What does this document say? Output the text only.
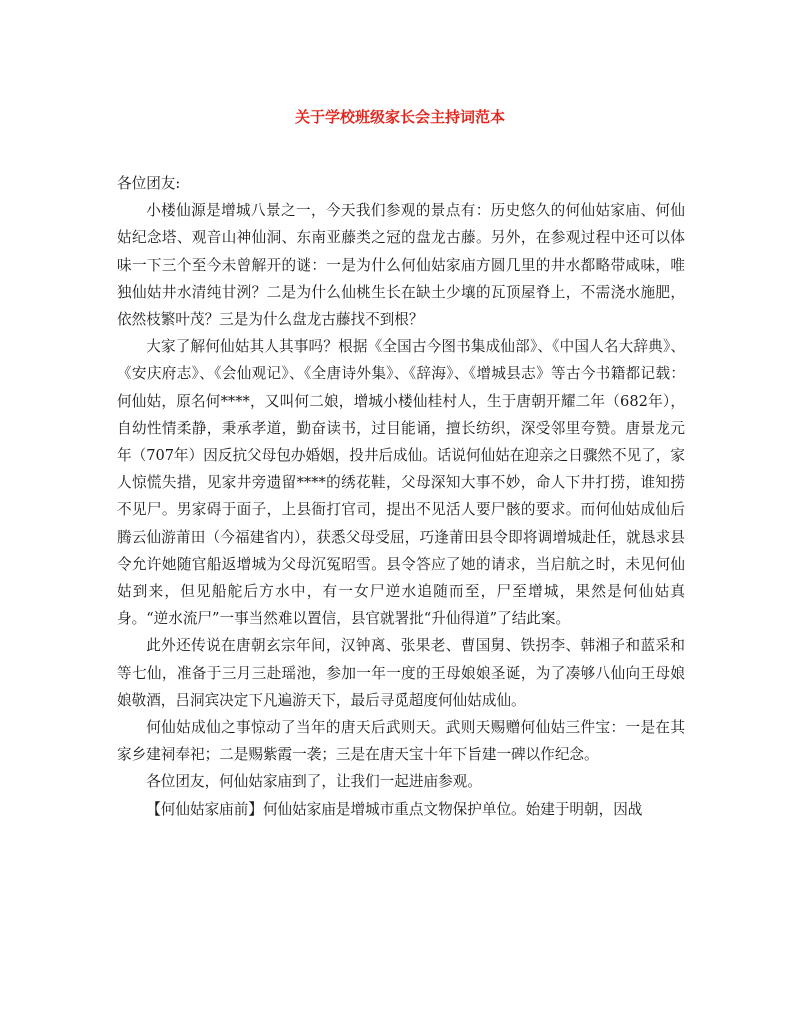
关于学校班级家长会主持词范本

各位团友:

小楼仙源是增城八景之一，今天我们参观的景点有：历史悠久的何仙姑家庙、何仙姑纪念塔、观音山神仙洞、东南亚藤类之冠的盘龙古藤。另外，在参观过程中还可以体味一下三个至今未曾解开的谜：一是为什么何仙姑家庙方圆几里的井水都略带咸味，唯独仙姑井水清纯甘洌？二是为什么仙桃生长在缺土少壤的瓦顶屋脊上，不需浇水施肥，依然枝繁叶茂？三是为什么盘龙古藤找不到根？

大家了解何仙姑其人其事吗？根据《全国古今图书集成仙部》、《中国人名大辞典》、《安庆府志》、《会仙观记》、《全唐诗外集》、《辞海》、《增城县志》等古今书籍都记载：何仙姑，原名何****，又叫何二娘，增城小楼仙桂村人，生于唐朝开耀二年（682年），自幼性情柔静，秉承孝道，勤奋读书，过目能诵，擅长纺织，深受邻里夸赞。唐景龙元年（707年）因反抗父母包办婚姻，投井后成仙。话说何仙姑在迎亲之日骤然不见了，家人惊慌失措，见家井旁遗留****的绣花鞋，父母深知大事不妙，命人下井打捞，谁知捞不见尸。男家碍于面子，上县衙打官司，提出不见活人要尸骸的要求。而何仙姑成仙后腾云仙游莆田（今福建省内），获悉父母受屈，巧逢莆田县令即将调增城赴任，就恳求县令允许她随官船返增城为父母沉冤昭雪。县令答应了她的请求，当启航之时，未见何仙姑到来，但见船舵后方水中，有一女尸逆水追随而至，尸至增城，果然是何仙姑真身。“逆水流尸”一事当然难以置信，县官就署批“升仙得道”了结此案。

此外还传说在唐朝玄宗年间，汉钟离、张果老、曹国舅、铁拐李、韩湘子和蓝采和等七仙，准备于三月三赴瑶池，参加一年一度的王母娘娘圣诞，为了凑够八仙向王母娘娘敬酒，吕洞宾决定下凡遍游天下，最后寻觅超度何仙姑成仙。

何仙姑成仙之事惊动了当年的唐天后武则天。武则天赐赠何仙姑三件宝：一是在其家乡建祠奉祀；二是赐紫霞一袭；三是在唐天宝十年下旨建一碑以作纪念。

各位团友，何仙姑家庙到了，让我们一起进庙参观。

【何仙姑家庙前】何仙姑家庙是增城市重点文物保护单位。始建于明朝，因战
